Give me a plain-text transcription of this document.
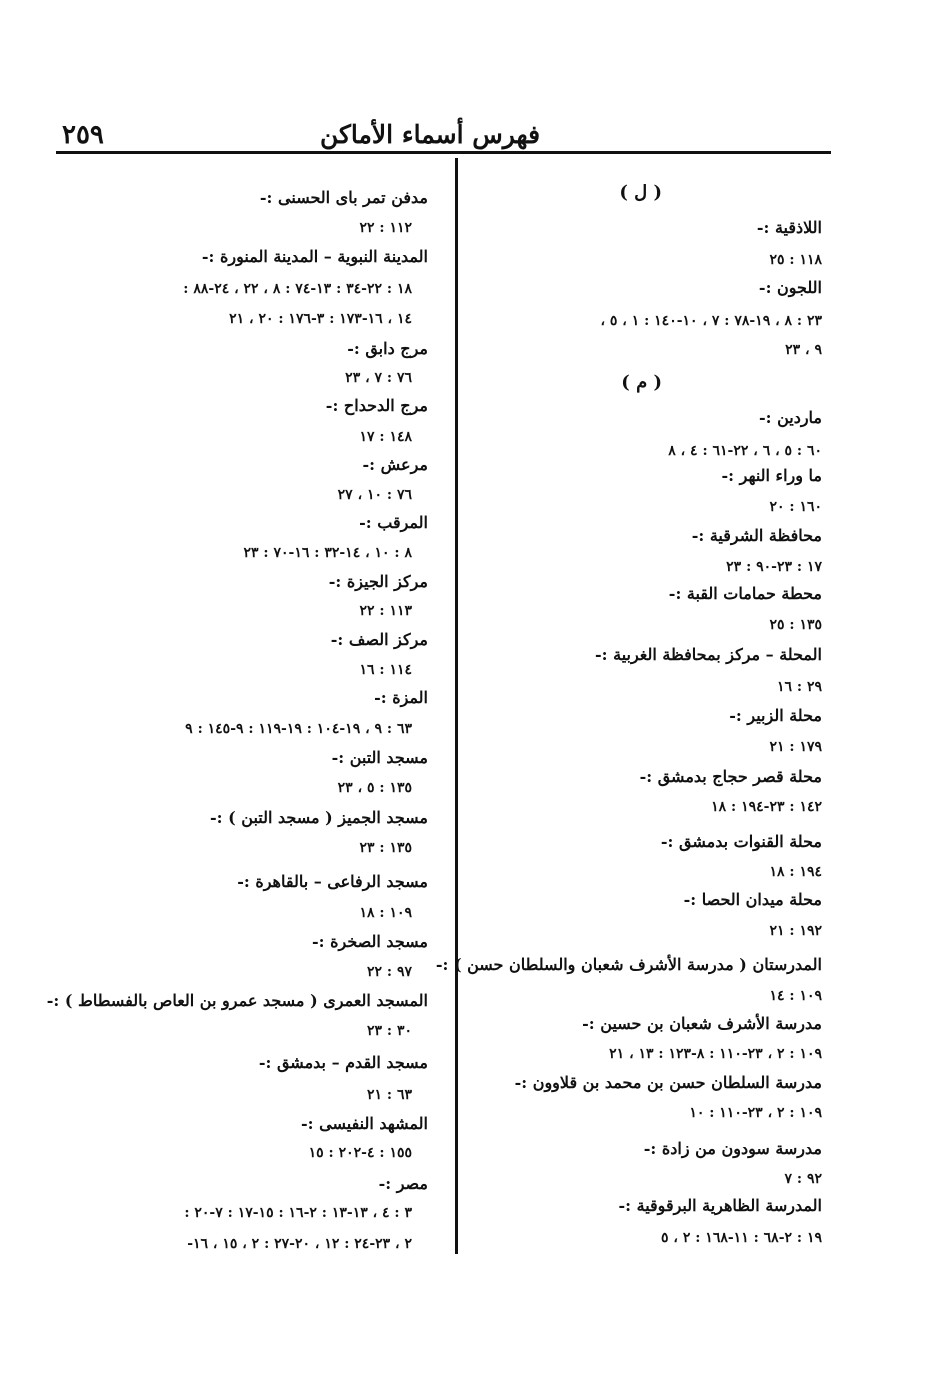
٢٥٩	فهرس أسماء الأماكن
( ل )
اللاذقية :-
١١٨ : ٢٥
اللجون :-
٢٣ : ٨ ، ١٩-٧٨ : ٧ ، ١٠-١٤٠ : ١ ، ٥ ،
٩ ، ٢٣
( م )
ماردين :-
٦٠ : ٥ ، ٦ ، ٢٢-٦١ : ٤ ، ٨
ما وراء النهر :-
١٦٠ : ٢٠
محافظة الشرقية :-
١٧ : ٢٣-٩٠ : ٢٣
محطة حمامات القبة :-
١٣٥ : ٢٥
المحلة – مركز بمحافظة الغربية :-
٢٩ : ١٦
محلة الزبير :-
١٧٩ : ٢١
محلة قصر حجاج بدمشق :-
١٤٢ : ٢٣-١٩٤ : ١٨
محلة القنوات بدمشق :-
١٩٤ : ١٨
محلة ميدان الحصا :-
١٩٢ : ٢١
المدرستان ( مدرسة الأشرف شعبان والسلطان حسن ) :-
١٠٩ : ١٤
مدرسة الأشرف شعبان بن حسين :-
١٠٩ : ٢ ، ٢٣-١١٠ : ٨-١٢٣ : ١٣ ، ٢١
مدرسة السلطان حسن بن محمد بن قلاوون :-
١٠٩ : ٢ ، ٢٣-١١٠ : ١٠
مدرسة سودون من زادة :-
٩٢ : ٧
المدرسة الظاهرية البرقوقية :-
١٩ : ٢-٦٨ : ١١-١٦٨ : ٢ ، ٥
مدفن تمر باى الحسنى :-
١١٢ : ٢٢
المدينة النبوية – المدينة المنورة :-
١٨ : ٢٢-٣٤ : ١٣-٧٤ : ٨ ، ٢٢ ، ٢٤-٨٨ :
١٤ ، ١٦-١٧٣ : ٣-١٧٦ : ٢٠ ، ٢١
مرج دابق :-
٧٦ : ٧ ، ٢٣
مرج الدحداح :-
١٤٨ : ١٧
مرعش :-
٧٦ : ١٠ ، ٢٧
المرقب :-
٨ : ١٠ ، ١٤-٣٢ : ١٦-٧٠ : ٢٣
مركز الجيزة :-
١١٣ : ٢٢
مركز الصف :-
١١٤ : ١٦
المزة :-
٦٣ : ٩ ، ١٩-١٠٤ : ١٩-١١٩ : ٩-١٤٥ : ٩
مسجد التبن :-
١٣٥ : ٥ ، ٢٣
مسجد الجميز ( مسجد التبن ) :-
١٣٥ : ٢٣
مسجد الرفاعى – بالقاهرة :-
١٠٩ : ١٨
مسجد الصخرة :-
٩٧ : ٢٢
المسجد العمرى ( مسجد عمرو بن العاص بالفسطاط ) :-
٣٠ : ٢٣
مسجد القدم – بدمشق :-
٦٣ : ٢١
المشهد النفيسى :-
١٥٥ : ٤-٢٠٢ : ١٥
مصر :-
٣ : ٤ ، ١٣-١٣ : ٢-١٦ : ١٥-١٧ : ٧-٢٠ :
٢ ، ٢٣-٢٤ : ١٢ ، ٢٠-٢٧ : ٢ ، ١٥ ، ١٦-
